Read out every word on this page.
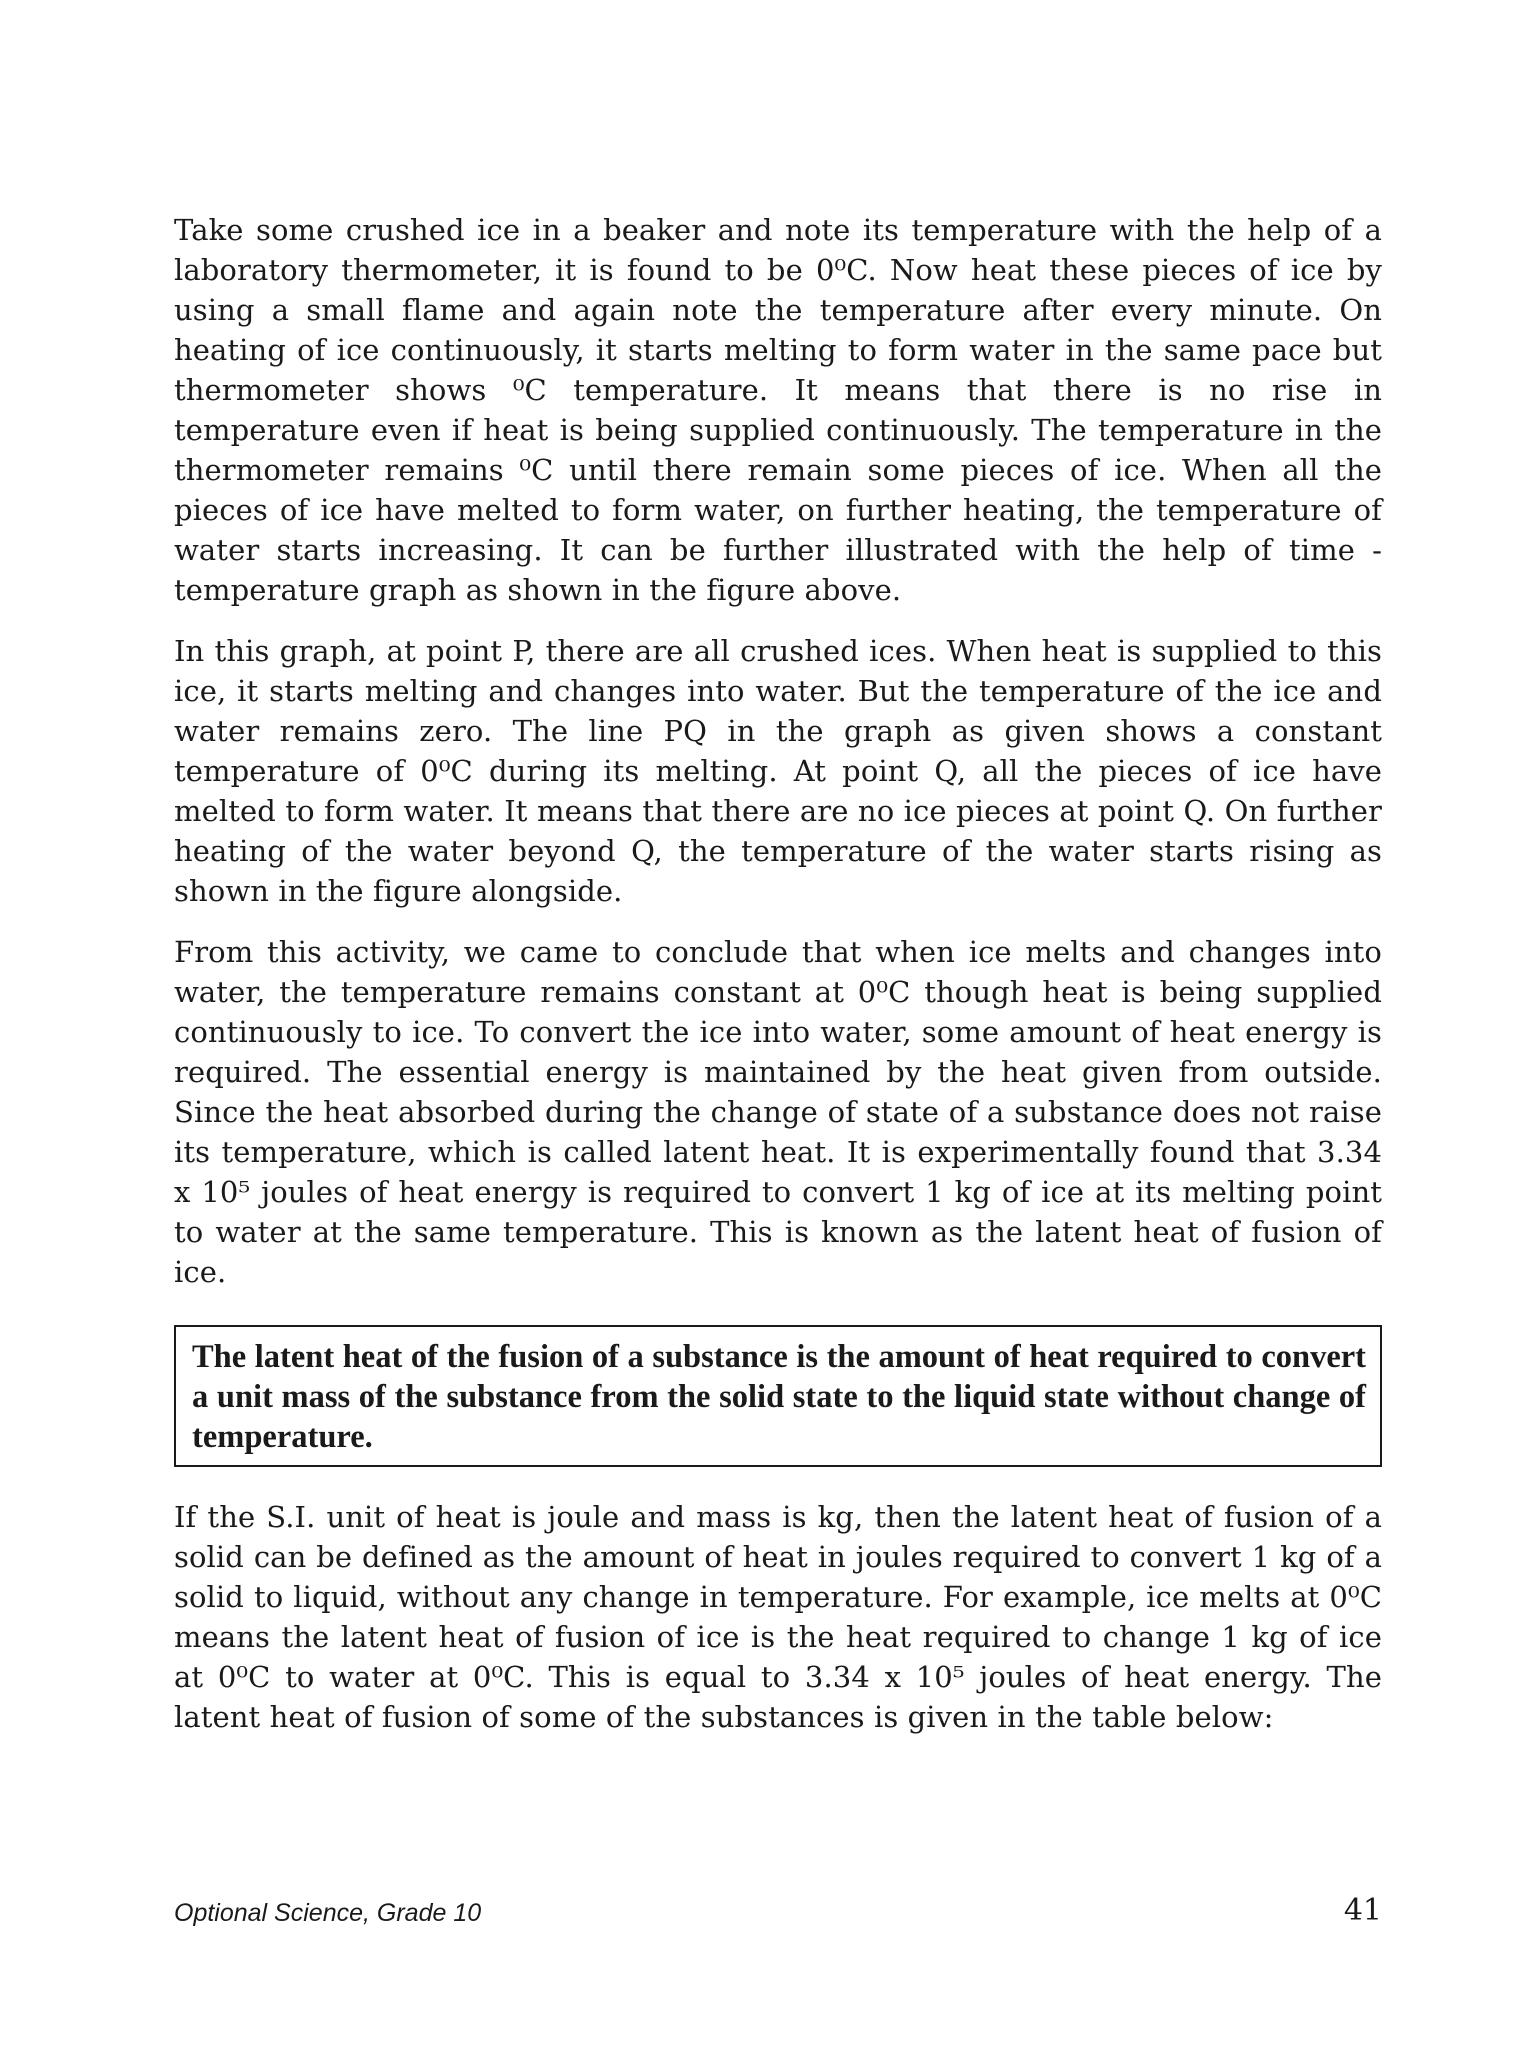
Take some crushed ice in a beaker and note its temperature with the help of a laboratory thermometer, it is found to be 0⁰C. Now heat these pieces of ice by using a small flame and again note the temperature after every minute. On heating of ice continuously, it starts melting to form water in the same pace but thermometer shows ⁰C temperature. It means that there is no rise in temperature even if heat is being supplied continuously. The temperature in the thermometer remains ⁰C until there remain some pieces of ice. When all the pieces of ice have melted to form water, on further heating, the temperature of water starts increasing. It can be further illustrated with the help of time - temperature graph as shown in the figure above.

In this graph, at point P, there are all crushed ices. When heat is supplied to this ice, it starts melting and changes into water. But the temperature of the ice and water remains zero. The line PQ in the graph as given shows a constant temperature of 0⁰C during its melting. At point Q, all the pieces of ice have melted to form water. It means that there are no ice pieces at point Q. On further heating of the water beyond Q, the temperature of the water starts rising as shown in the figure alongside.

From this activity, we came to conclude that when ice melts and changes into water, the temperature remains constant at 0⁰C though heat is being supplied continuously to ice. To convert the ice into water, some amount of heat energy is required. The essential energy is maintained by the heat given from outside. Since the heat absorbed during the change of state of a substance does not raise its temperature, which is called latent heat. It is experimentally found that 3.34 x 10⁵ joules of heat energy is required to convert 1 kg of ice at its melting point to water at the same temperature. This is known as the latent heat of fusion of ice.

The latent heat of the fusion of a substance is the amount of heat required to convert a unit mass of the substance from the solid state to the liquid state without change of temperature.

If the S.I. unit of heat is joule and mass is kg, then the latent heat of fusion of a solid can be defined as the amount of heat in joules required to convert 1 kg of a solid to liquid, without any change in temperature. For example, ice melts at 0⁰C means the latent heat of fusion of ice is the heat required to change 1 kg of ice at 0⁰C to water at 0⁰C. This is equal to 3.34 x 10⁵ joules of heat energy. The latent heat of fusion of some of the substances is given in the table below:

Optional Science, Grade 10	41
